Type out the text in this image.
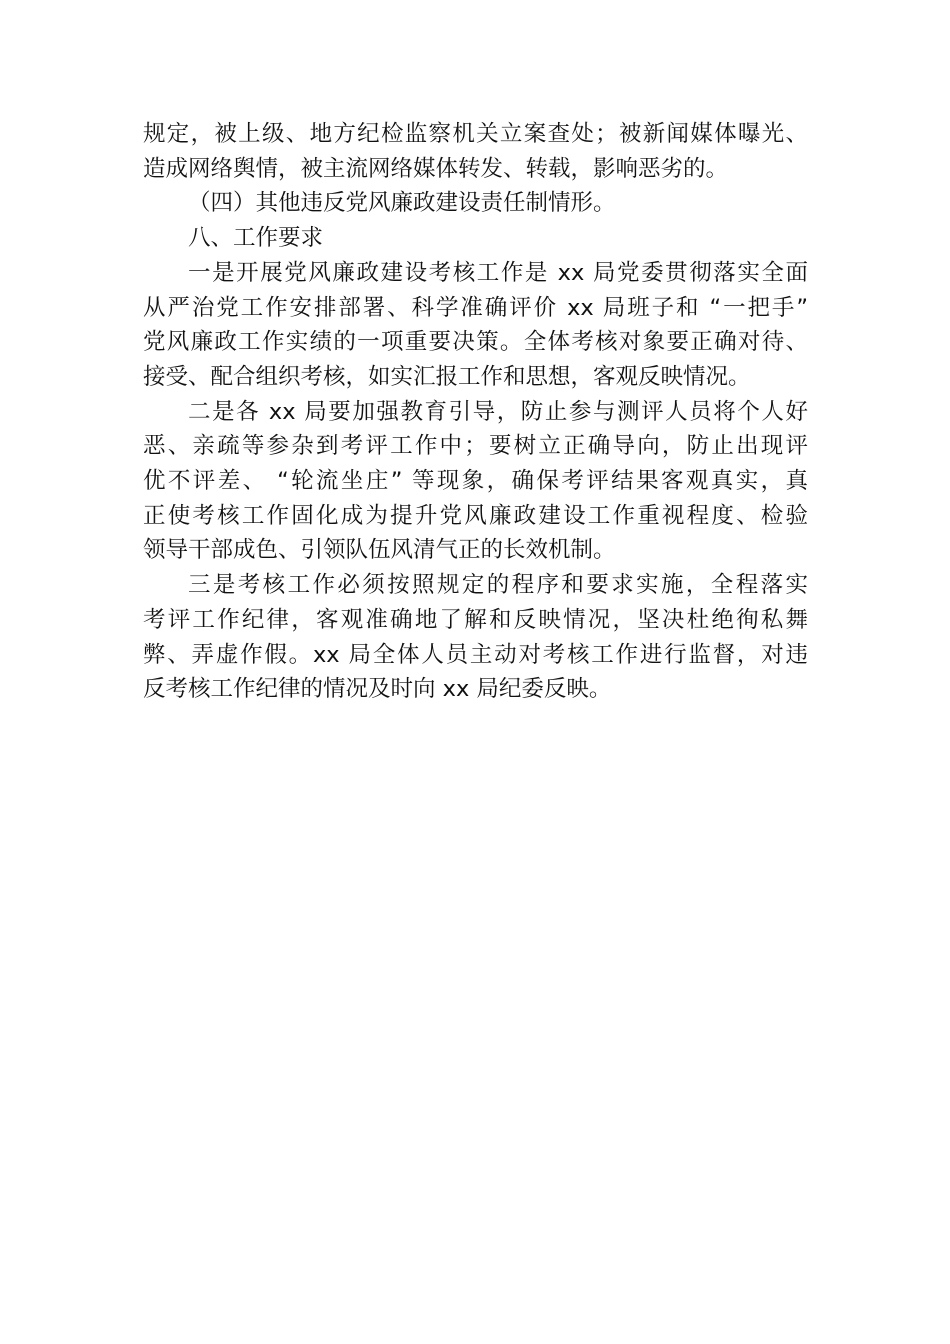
规定，被上级、地方纪检监察机关立案查处；被新闻媒体曝光、
造成网络舆情，被主流网络媒体转发、转载，影响恶劣的。
（四）其他违反党风廉政建设责任制情形。
八、工作要求
一是开展党风廉政建设考核工作是 xx 局党委贯彻落实全面
从严治党工作安排部署、科学准确评价 xx 局班子和 “一把手”
党风廉政工作实绩的一项重要决策。全体考核对象要正确对待、
接受、配合组织考核，如实汇报工作和思想，客观反映情况。
二是各 xx 局要加强教育引导，防止参与测评人员将个人好
恶、亲疏等参杂到考评工作中；要树立正确导向，防止出现评
优不评差、 “轮流坐庄” 等现象，确保考评结果客观真实，真
正使考核工作固化成为提升党风廉政建设工作重视程度、检验
领导干部成色、引领队伍风清气正的长效机制。
三是考核工作必须按照规定的程序和要求实施，全程落实
考评工作纪律，客观准确地了解和反映情况，坚决杜绝徇私舞
弊、弄虚作假。xx 局全体人员主动对考核工作进行监督，对违
反考核工作纪律的情况及时向 xx 局纪委反映。
